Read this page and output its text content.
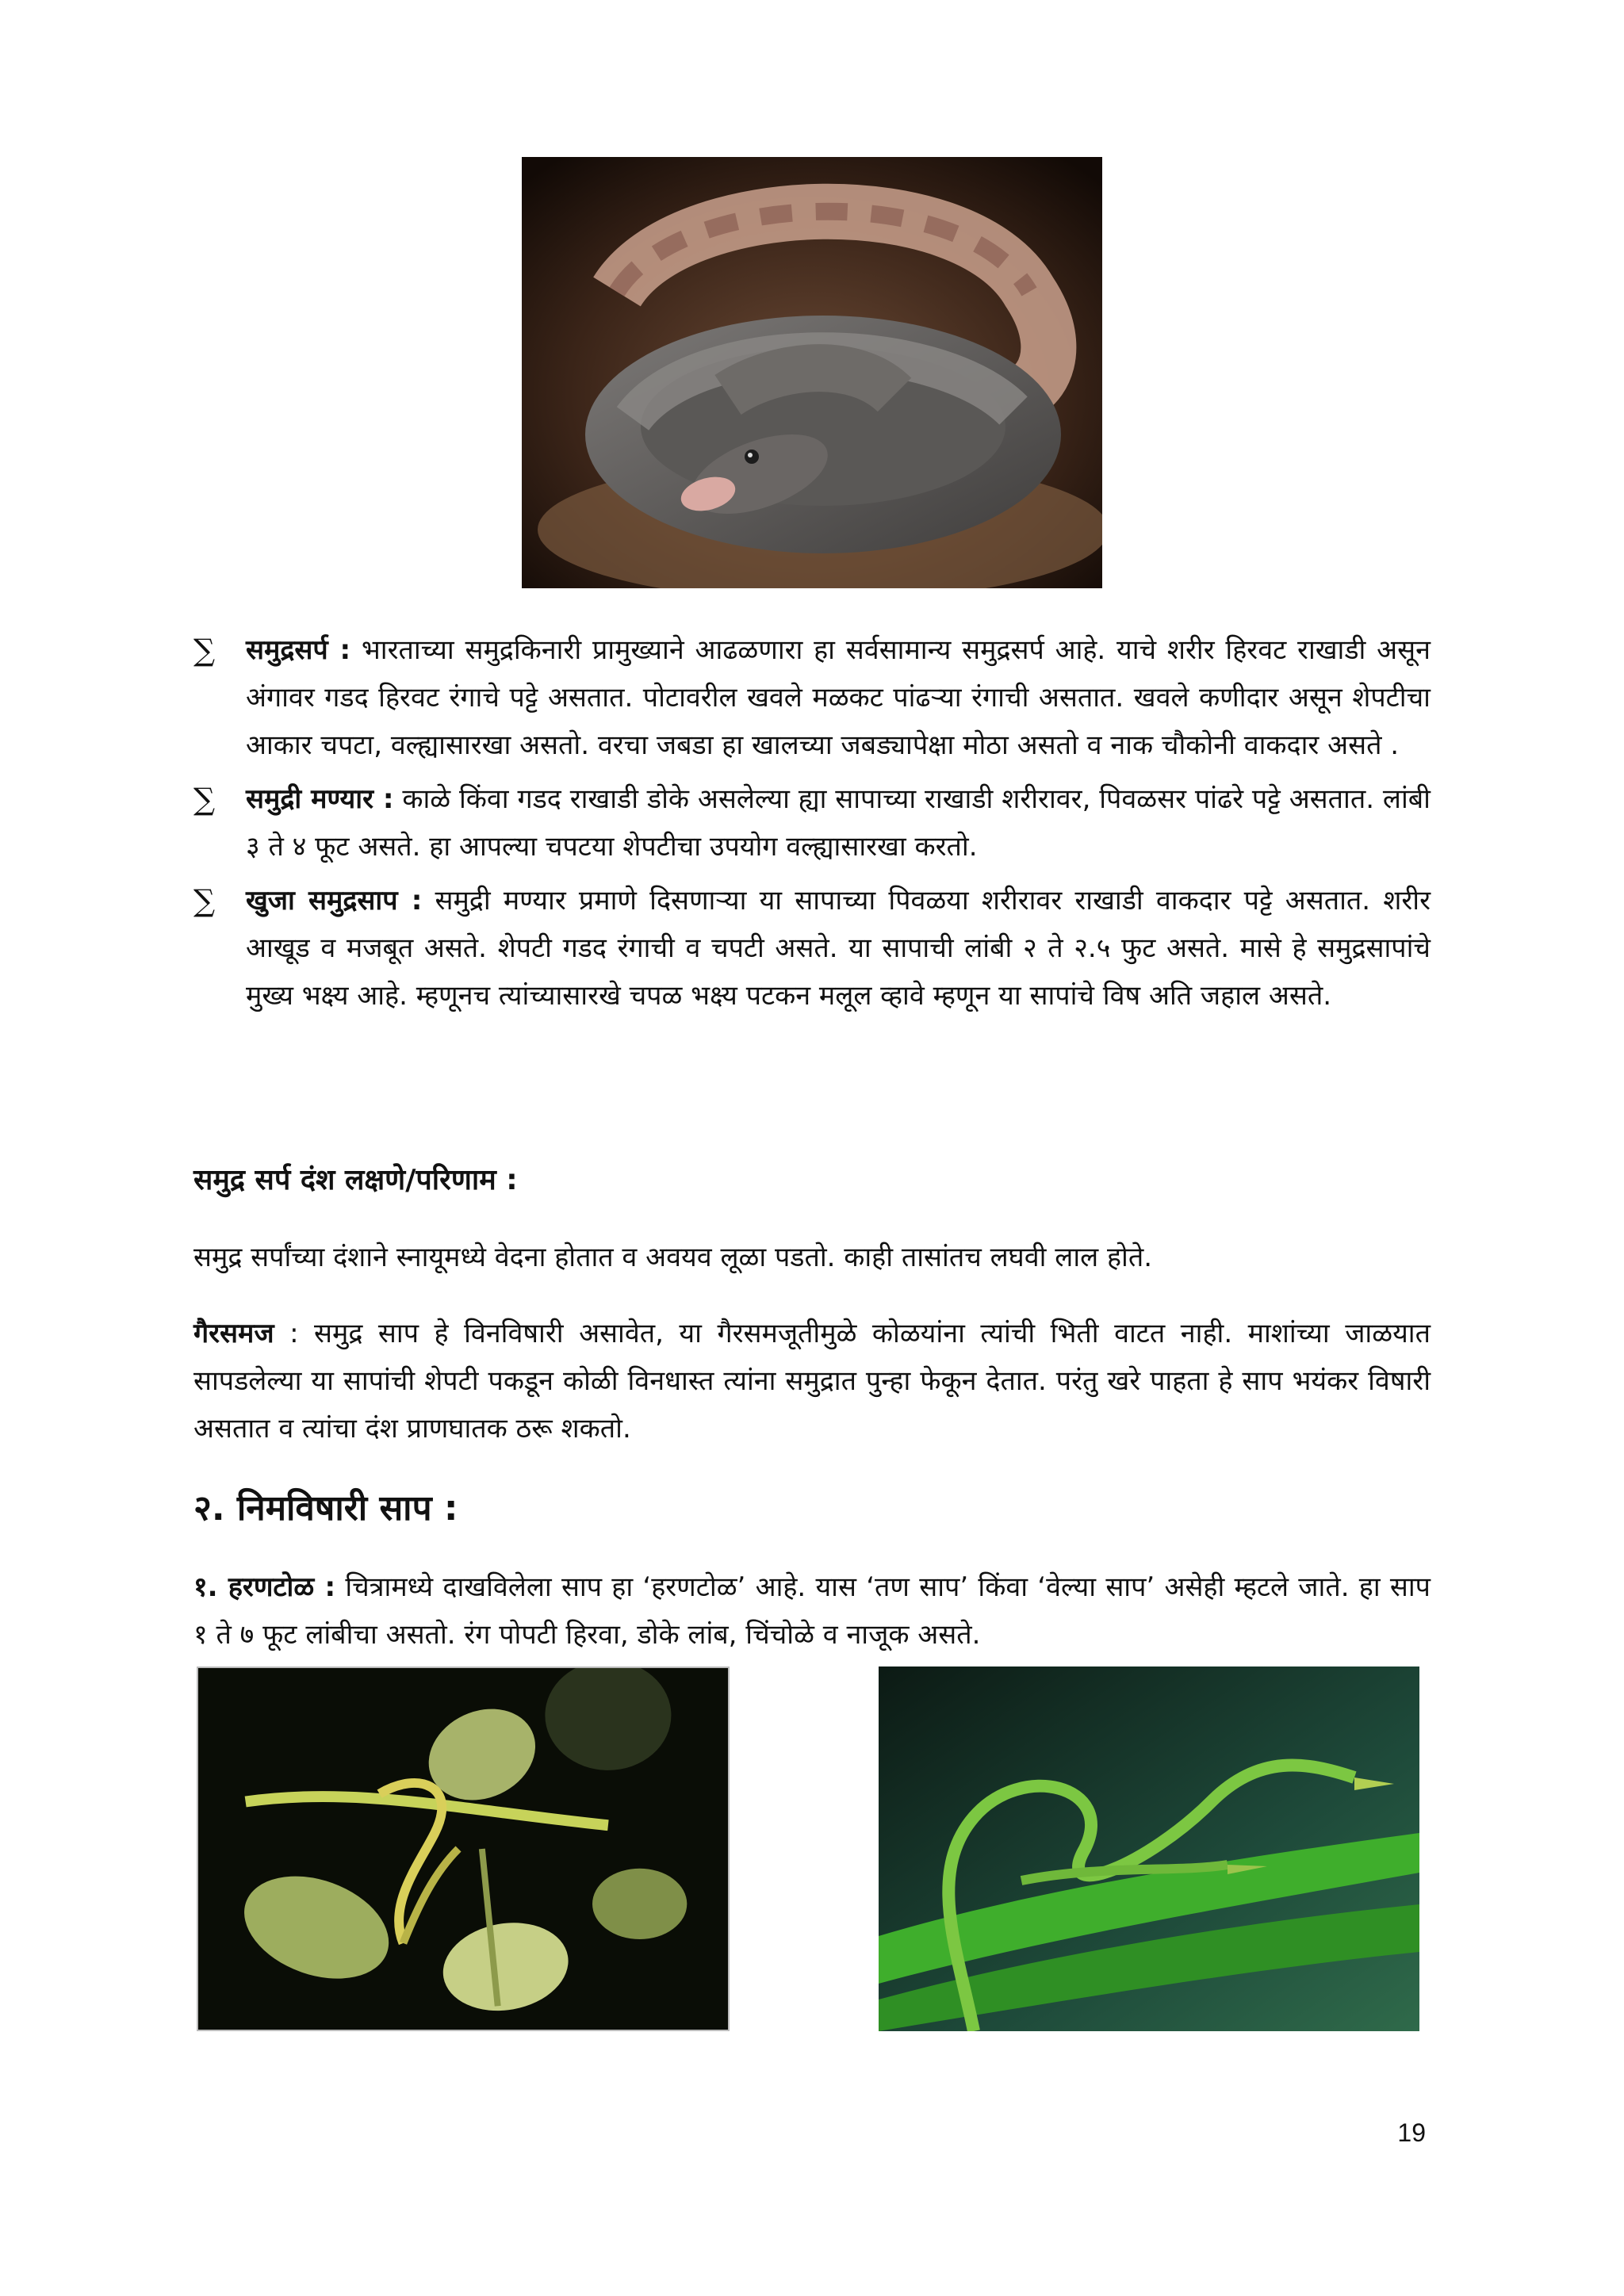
∑ समुद्रसर्प : भारताच्या समुद्रकिनारी प्रामुख्याने आढळणारा हा सर्वसामान्य समुद्रसर्प आहे. याचे शरीर हिरवट राखाडी असून अंगावर गडद हिरवट रंगाचे पट्टे असतात. पोटावरील खवले मळकट पांढऱ्या रंगाची असतात. खवले कणीदार असून शेपटीचा आकार चपटा, वल्ह्यासारखा असतो. वरचा जबडा हा खालच्या जबड्यापेक्षा मोठा असतो व नाक चौकोनी वाकदार असते .
∑ समुद्री मण्यार : काळे किंवा गडद राखाडी डोके असलेल्या ह्या सापाच्या राखाडी शरीरावर, पिवळसर पांढरे पट्टे असतात. लांबी ३ ते ४ फूट असते. हा आपल्या चपटया शेपटीचा उपयोग वल्ह्यासारखा करतो.
∑ खुजा समुद्रसाप : समुद्री मण्यार प्रमाणे दिसणाऱ्या या सापाच्या पिवळया शरीरावर राखाडी वाकदार पट्टे असतात. शरीर आखूड व मजबूत असते. शेपटी गडद रंगाची व चपटी असते. या सापाची लांबी २ ते २.५ फुट असते. मासे हे समुद्रसापांचे मुख्य भक्ष्य आहे. म्हणूनच त्यांच्यासारखे चपळ भक्ष्य पटकन मलूल व्हावे म्हणून या सापांचे विष अति जहाल असते.
समुद्र सर्प दंश लक्षणे/परिणाम :
समुद्र सर्पांच्या दंशाने स्नायूमध्ये वेदना होतात व अवयव लूळा पडतो. काही तासांतच लघवी लाल होते.
गैरसमज : समुद्र साप हे विनविषारी असावेत, या गैरसमजूतीमुळे कोळयांना त्यांची भिती वाटत नाही. माशांच्या जाळयात सापडलेल्या या सापांची शेपटी पकडून कोळी विनधास्त त्यांना समुद्रात पुन्हा फेकून देतात. परंतु खरे पाहता हे साप भयंकर विषारी असतात व त्यांचा दंश प्राणघातक ठरू शकतो.
२. निमविषारी साप :
१. हरणटोळ : चित्रामध्ये दाखविलेला साप हा ‘हरणटोळ’ आहे. यास ‘तण साप’ किंवा ‘वेल्या साप’ असेही म्हटले जाते. हा साप १ ते ७ फूट लांबीचा असतो. रंग पोपटी हिरवा, डोके लांब, चिंचोळे व नाजूक असते.
19
